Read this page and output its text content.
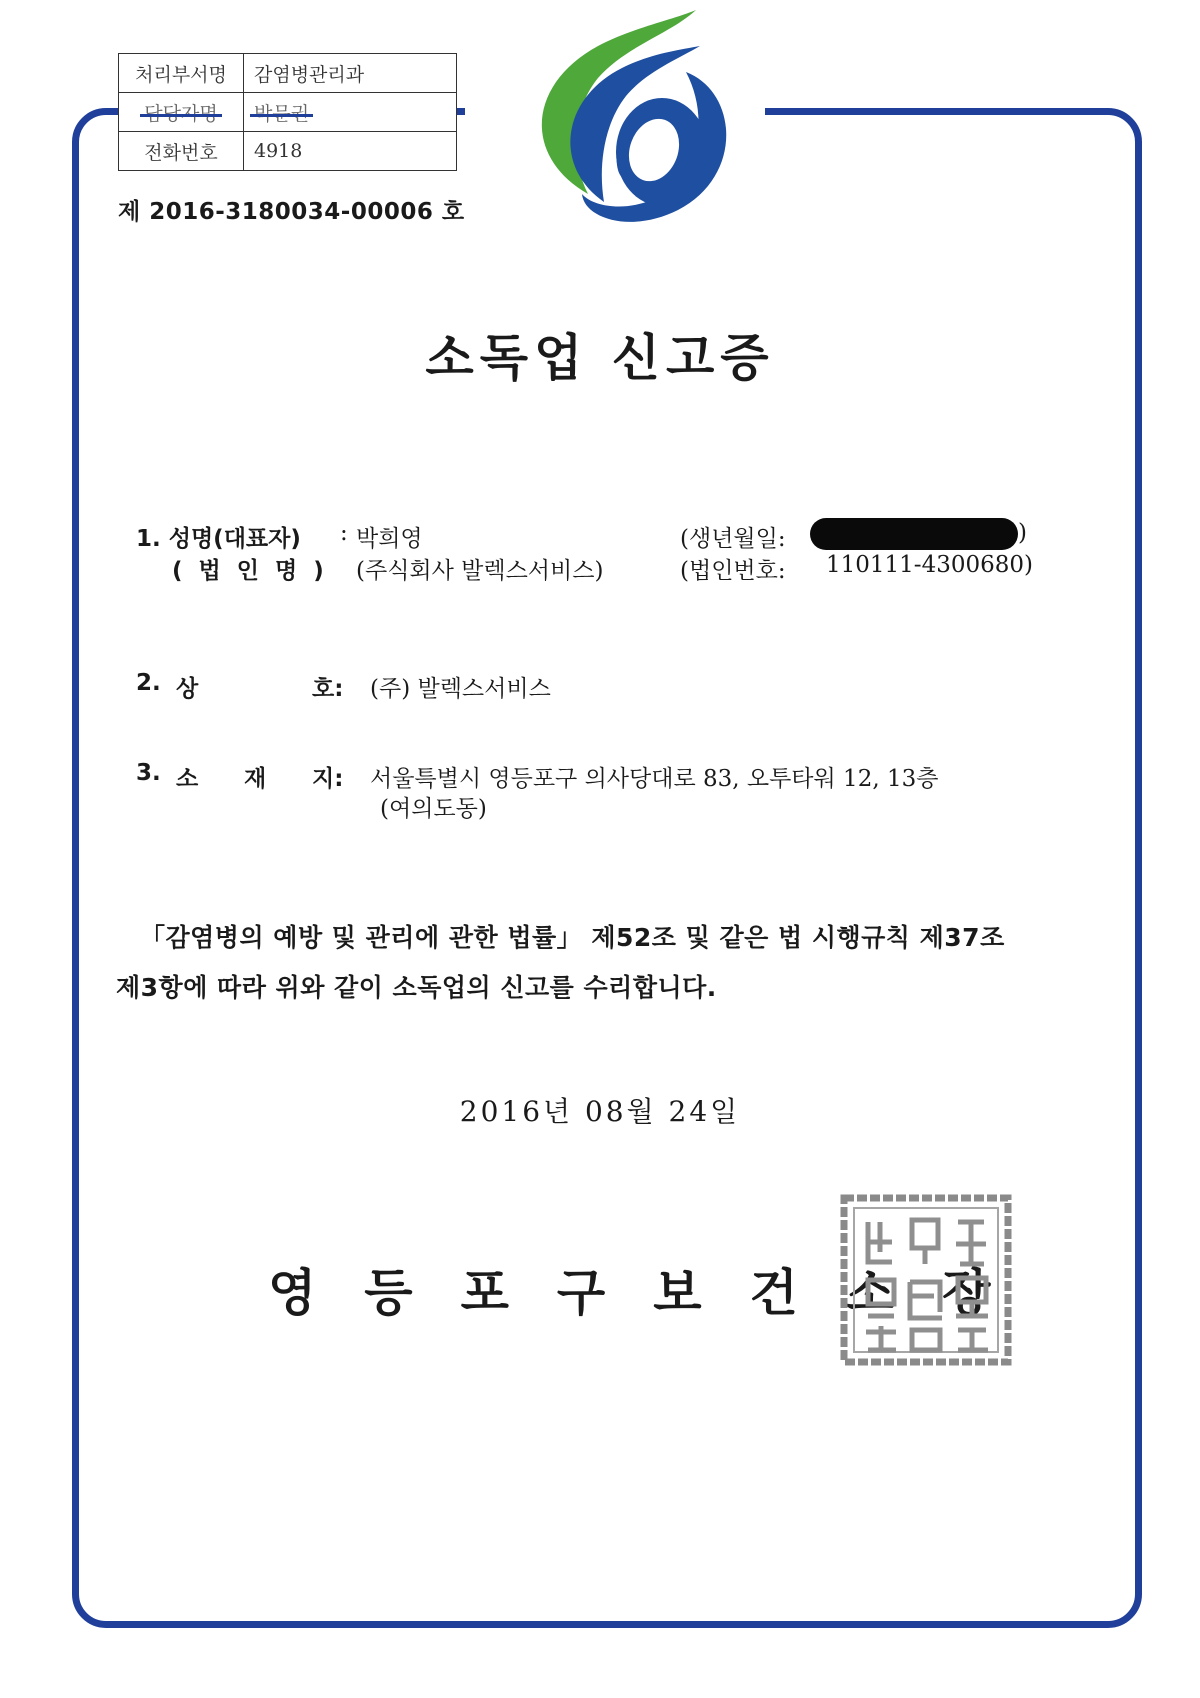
처리부서명	감염병관리과
담당자명	박문권
전화번호	4918
제 2016-3180034-00006 호
소독업 신고증
1. 성명(대표자) : 박희영	(생년월일:	)
( 법 인 명 ) (주식회사 발렉스서비스)	(법인번호: 110111-4300680)
2. 상	호: (주) 발렉스서비스
3. 소 재 지: 서울특별시 영등포구 의사당대로 83, 오투타워 12, 13층
(여의도동)
「감염병의 예방 및 관리에 관한 법률」 제52조 및 같은 법 시행규칙 제37조
제3항에 따라 위와 같이 소독업의 신고를 수리합니다.
2016년 08월 24일
영등포구보건소장
